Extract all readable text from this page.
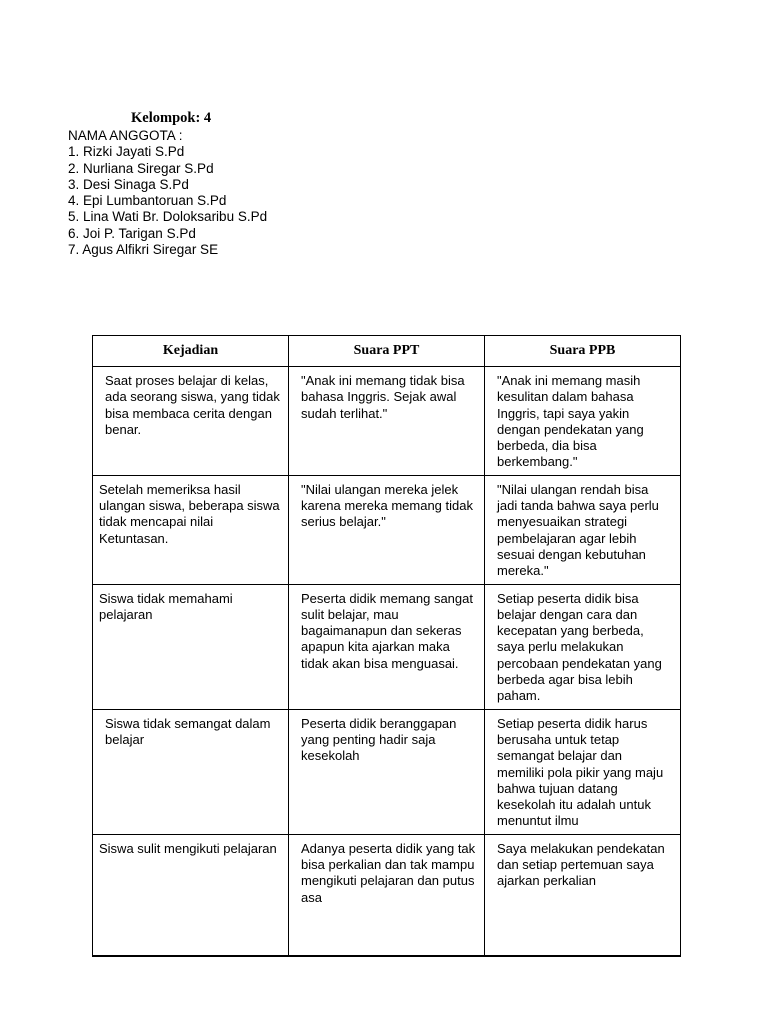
Kelompok: 4
NAMA ANGGOTA :
1. Rizki Jayati S.Pd
2. Nurliana Siregar S.Pd
3. Desi Sinaga S.Pd
4. Epi Lumbantoruan S.Pd
5. Lina Wati Br. Doloksaribu S.Pd
6. Joi P. Tarigan S.Pd
7. Agus Alfikri Siregar SE
Kejadian	Suara PPT	Suara PPB
Saat proses belajar di kelas, ada seorang siswa, yang tidak bisa membaca cerita dengan benar.	"Anak ini memang tidak bisa bahasa Inggris. Sejak awal sudah terlihat."	"Anak ini memang masih kesulitan dalam bahasa Inggris, tapi saya yakin dengan pendekatan yang berbeda, dia bisa berkembang."
Setelah memeriksa hasil ulangan siswa, beberapa siswa tidak mencapai nilai Ketuntasan.	"Nilai ulangan mereka jelek karena mereka memang tidak serius belajar."	"Nilai ulangan rendah bisa jadi tanda bahwa saya perlu menyesuaikan strategi pembelajaran agar lebih sesuai dengan kebutuhan mereka."
Siswa tidak memahami pelajaran	Peserta didik memang sangat sulit belajar, mau bagaimanapun dan sekeras apapun kita ajarkan maka tidak akan bisa menguasai.	Setiap peserta didik bisa belajar dengan cara dan kecepatan yang berbeda, saya perlu melakukan percobaan pendekatan yang berbeda agar bisa lebih paham.
Siswa tidak semangat dalam belajar	Peserta didik beranggapan yang penting hadir saja kesekolah	Setiap peserta didik harus berusaha untuk tetap semangat belajar dan memiliki pola pikir yang maju bahwa tujuan datang kesekolah itu adalah untuk menuntut ilmu
Siswa sulit mengikuti pelajaran	Adanya peserta didik yang tak bisa perkalian dan tak mampu mengikuti pelajaran dan putus asa	Saya melakukan pendekatan dan setiap pertemuan saya ajarkan perkalian
